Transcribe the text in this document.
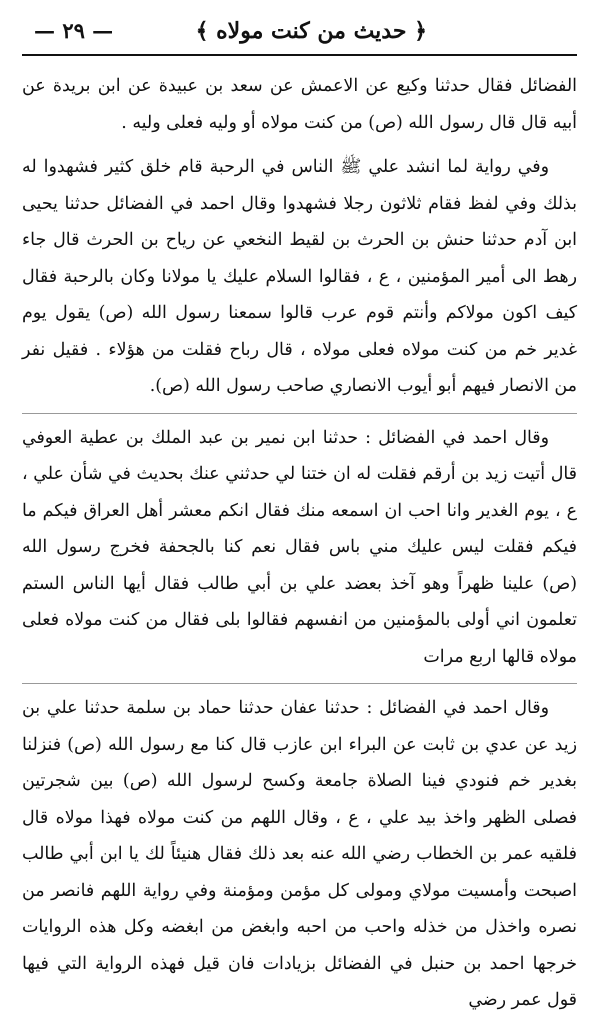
﴿ حديث من كنت مولاه ﴾
— ٢٩ —

الفضائل فقال حدثنا وكيع عن الاعمش عن سعد بن عبيدة عن ابن بريدة عن أبيه قال قال رسول الله (ص) من كنت مولاه أو وليه فعلى وليه .

وفي رواية لما انشد علي ﷺ الناس في الرحبة قام خلق كثير فشهدوا له بذلك وفي لفظ فقام ثلاثون رجلا فشهدوا وقال احمد في الفضائل حدثنا يحيى ابن آدم حدثنا حنش بن الحرث بن لقيط النخعي عن رياح بن الحرث قال جاء رهط الى أمير المؤمنين ، ع ، فقالوا السلام عليك يا مولانا وكان بالرحبة فقال كيف اكون مولاكم وأنتم قوم عرب قالوا سمعنا رسول الله (ص) يقول يوم غدير خم من كنت مولاه فعلى مولاه ، قال رباح فقلت من هؤلاء . فقيل نفر من الانصار فيهم أبو أيوب الانصاري صاحب رسول الله (ص).

وقال احمد في الفضائل : حدثنا ابن نمير بن عبد الملك بن عطية العوفي قال أتيت زيد بن أرقم فقلت له ان ختنا لي حدثني عنك بحديث في شأن علي ، ع ، يوم الغدير وانا احب ان اسمعه منك فقال انكم معشر أهل العراق فيكم ما فيكم فقلت ليس عليك مني باس فقال نعم كنا بالجحفة فخرج رسول الله (ص) علينا ظهراً وهو آخذ بعضد علي بن أبي طالب فقال أيها الناس الستم تعلمون اني أولى بالمؤمنين من انفسهم فقالوا بلى فقال من كنت مولاه فعلى مولاه قالها اربع مرات

وقال احمد في الفضائل : حدثنا عفان حدثنا حماد بن سلمة حدثنا علي بن زيد عن عدي بن ثابت عن البراء ابن عازب قال كنا مع رسول الله (ص) فنزلنا بغدير خم فنودي فينا الصلاة جامعة وكسح لرسول الله (ص) بين شجرتين فصلى الظهر واخذ بيد علي ، ع ، وقال اللهم من كنت مولاه فهذا مولاه قال فلقيه عمر بن الخطاب رضي الله عنه بعد ذلك فقال هنيئاً لك يا ابن أبي طالب اصبحت وأمسيت مولاي ومولى كل مؤمن ومؤمنة وفي رواية اللهم فانصر من نصره واخذل من خذله واحب من احبه وابغض من ابغضه وكل هذه الروايات خرجها احمد بن حنبل في الفضائل بزيادات فان قيل فهذه الرواية التي فيها قول عمر رضي
